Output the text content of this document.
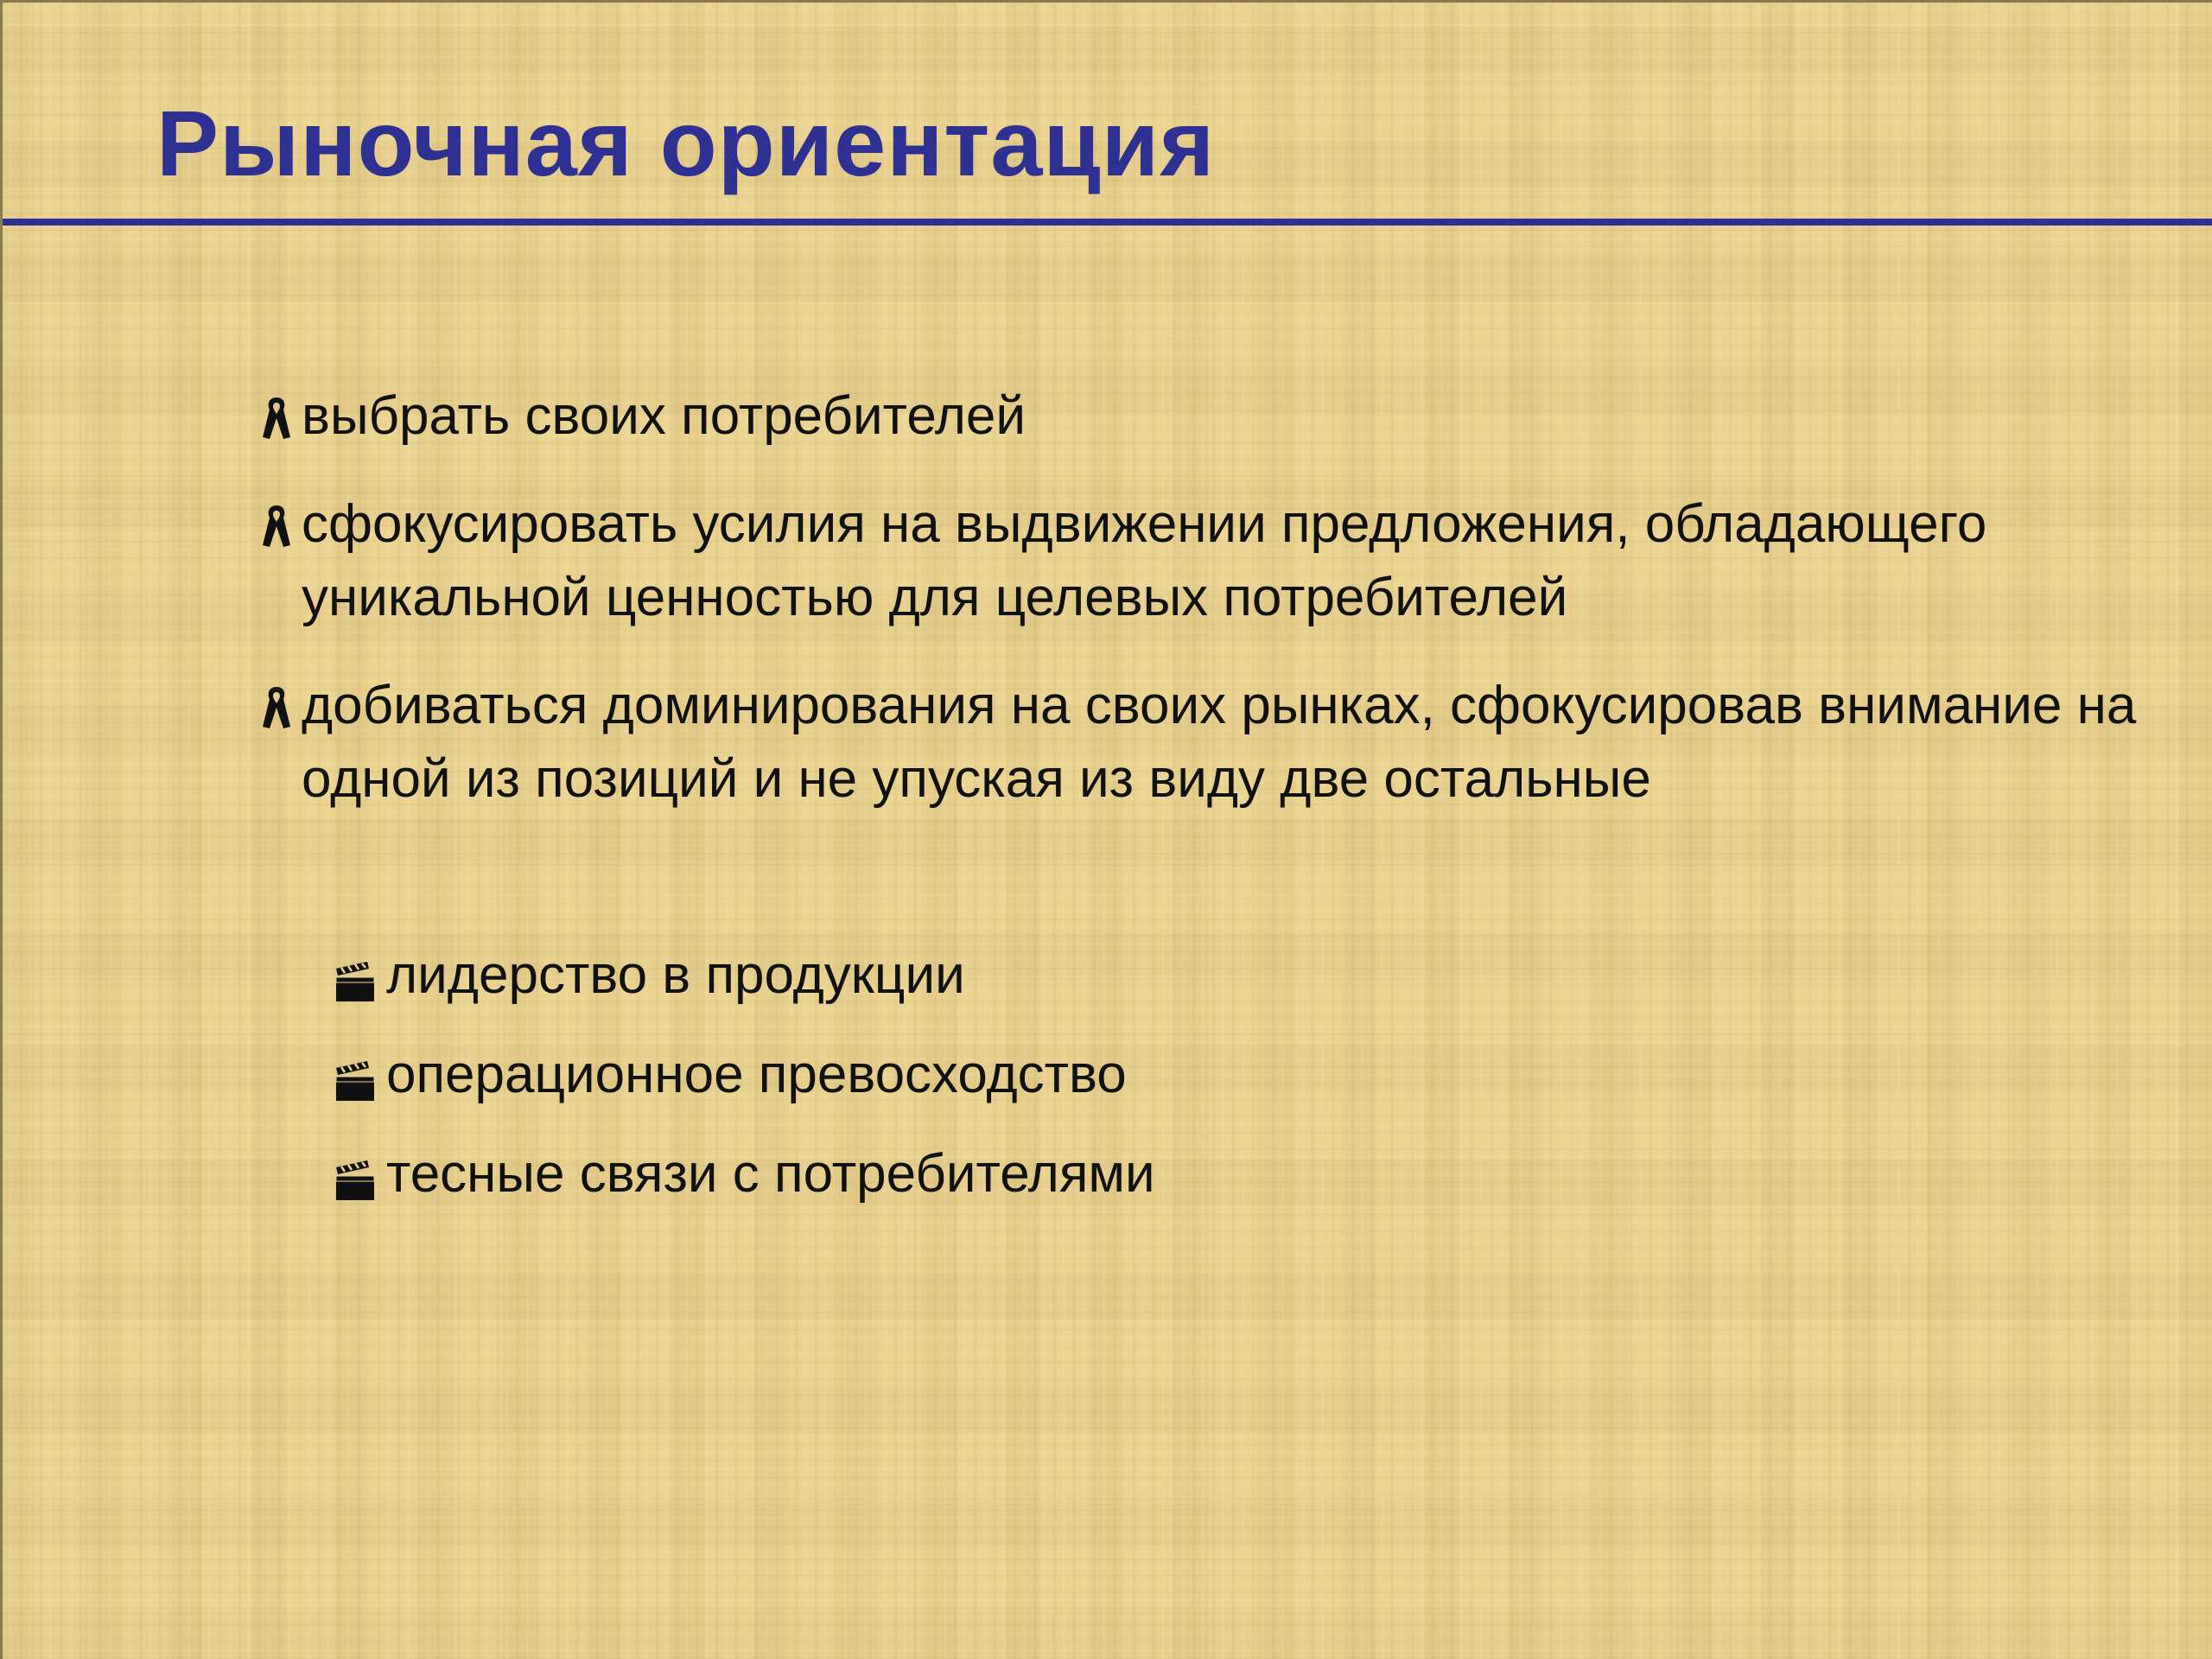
Рыночная ориентация
выбрать своих потребителей
сфокусировать усилия на выдвижении предложения, обладающего уникальной ценностью для целевых потребителей
добиваться доминирования на своих рынках, сфокусировав внимание на одной из позиций и не упуская из виду две остальные
лидерство в продукции
операционное превосходство
тесные связи с потребителями
